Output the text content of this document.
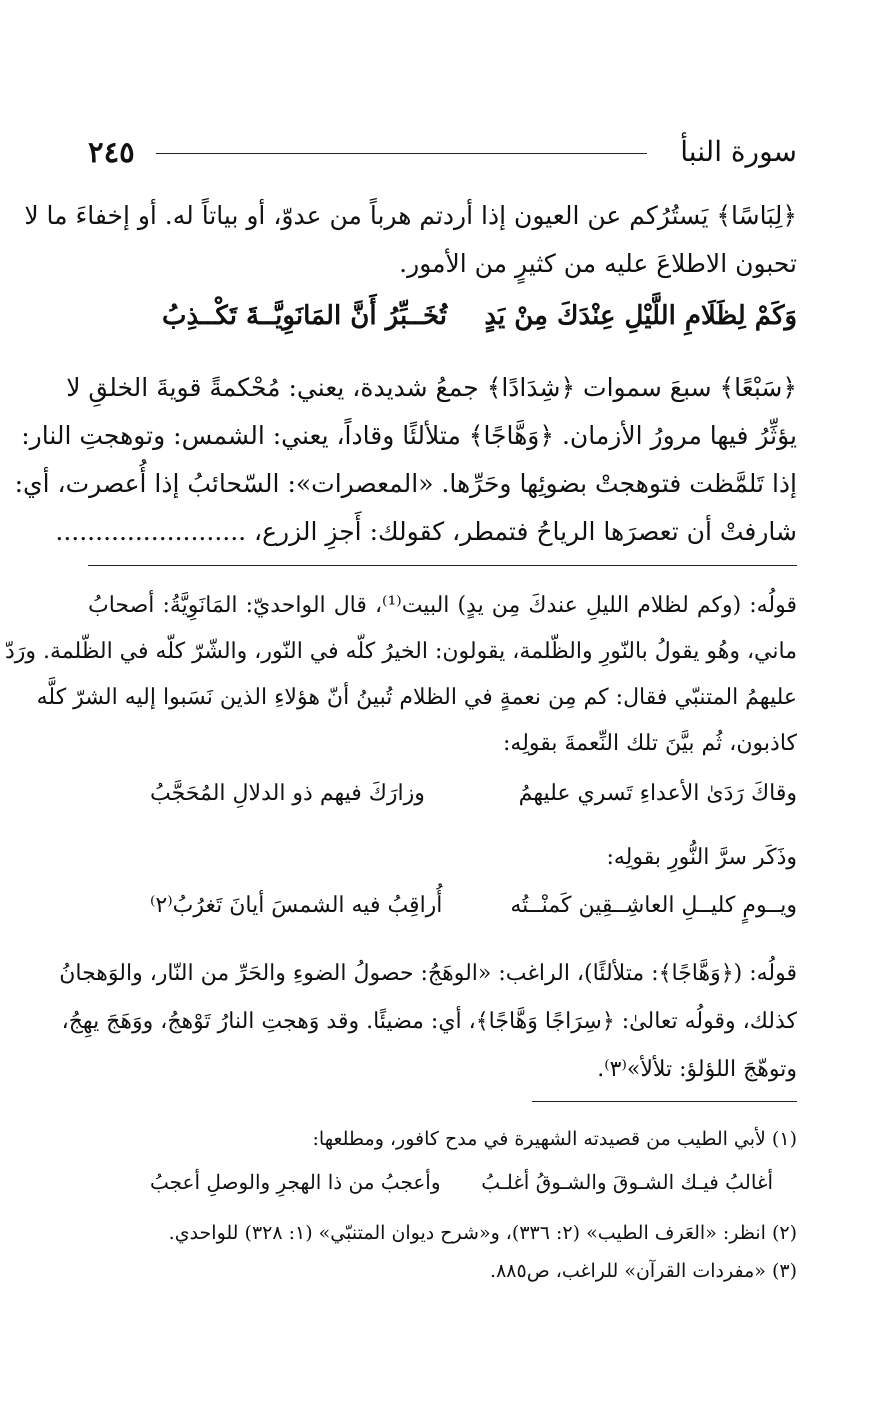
سورة النبأ
٢٤٥
﴿لِبَاسًا﴾ يَستُرُكم عن العيون إذا أردتم هرباً من عدوّ، أو بياتاً له. أو إخفاءَ ما لا
تحبون الاطلاعَ عليه من كثيرٍ من الأمور.
وَكَمْ لِظَلَامِ اللَّيْلِ عِنْدَكَ مِنْ يَدٍ
تُخَــبِّرُ أَنَّ المَانَوِيَّــةَ تَكْــذِبُ
﴿سَبْعًا﴾ سبعَ سموات ﴿شِدَادًا﴾ جمعُ شديدة، يعني: مُحْكمةً قويةَ الخلقِ لا
يؤثِّرُ فيها مرورُ الأزمان. ﴿وَهَّاجًا﴾ متلألئًا وقاداً، يعني: الشمس: وتوهجتِ النار:
إذا تَلمَّظت فتوهجتْ بضوئِها وحَرِّها. «المعصرات»: السّحائبُ إذا أُعصرت، أي:
شارفتْ أن تعصرَها الرياحُ فتمطر، كقولك: أَجزِ الزرع، ........................
قولُه: (وكم لظلام الليلِ عندكَ مِن يدٍ) البيت⁽¹⁾، قال الواحديّ: المَانَوِيَّةُ: أصحابُ
ماني، وهُو يقولُ بالنّورِ والظّلمة، يقولون: الخيرُ كلّه في النّور، والشّرّ كلّه في الظّلمة. ورَدّ
عليهمُ المتنبّي فقال: كم مِن نعمةٍ في الظلام تُبينُ أنّ هؤلاءِ الذين نَسَبوا إليه الشرّ كلَّه
كاذبون، ثُم بيَّنَ تلك النِّعمةَ بقولِه:
وقاكَ رَدَىٰ الأعداءِ تَسري عليهمُ
وزارَكَ فيهم ذو الدلالِ المُحَجَّبُ
وذَكَر سرَّ النُّورِ بقولِه:
ويــومٍ كليــلِ العاشِــقِين كَمنْــتُه
أُراقِبُ فيه الشمسَ أيانَ تَغرُبُ⁽٢⁾
قولُه: (﴿وَهَّاجًا﴾: متلألئًا)، الراغب: «الوهَجُ: حصولُ الضوءِ والحَرِّ من النّار، والوَهجانُ
كذلك، وقولُه تعالىٰ: ﴿سِرَاجًا وَهَّاجًا﴾، أي: مضيئًا. وقد وَهجتِ النارُ تَوْهجُ، ووَهَجَ يهِجُ،
وتوهّجَ اللؤلؤ: تلألأ»⁽٣⁾.
(١) لأبي الطيب من قصيدته الشهيرة في مدح كافور، ومطلعها:
أغالبُ فيـك الشـوقَ والشـوقُ أغلـبُ
وأعجبُ من ذا الهجرِ والوصلِ أعجبُ
(٢) انظر: «العَرف الطيب» (٢: ٣٣٦)، و«شرح ديوان المتنبّي» (١: ٣٢٨) للواحدي.
(٣) «مفردات القرآن» للراغب، ص٨٨٥.
